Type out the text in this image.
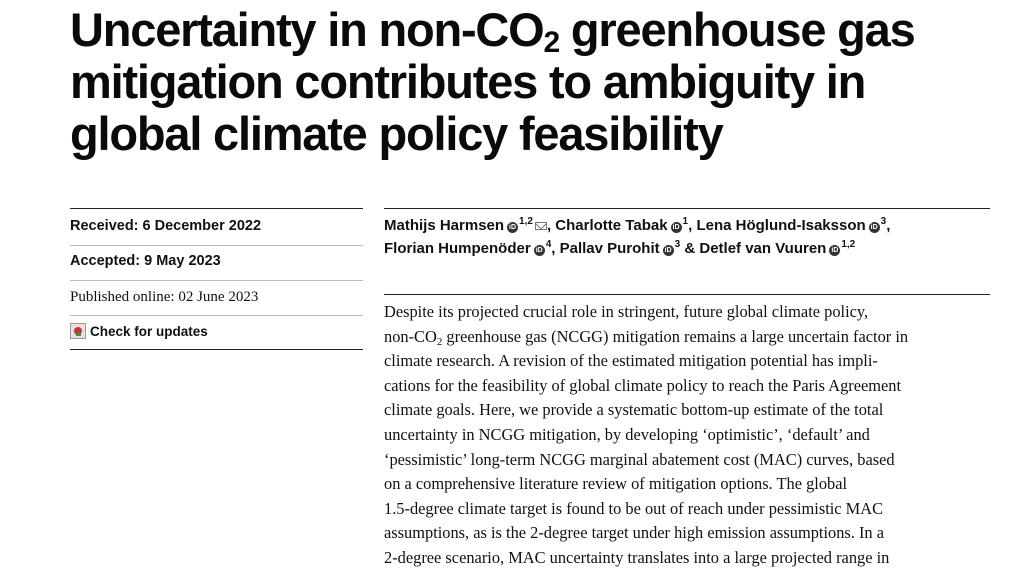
Uncertainty in non-$CO_2$ greenhouse gas
mitigation contributes to ambiguity in
global climate policy feasibility
Received: 6 December 2022
Accepted: 9 May 2023
Published online: 02 June 2023
Check for updates
Mathijs Harmsen iD$^{1,2}$ , Charlotte Tabak iD$^1$, Lena Höglund-Isaksson iD$^3$,
Florian Humpenöder iD$^4$, Pallav Purohit iD$^3$ & Detlef van Vuuren iD$^{1,2}$
Despite its projected crucial role in stringent, future global climate policy,
non-$CO_2$ greenhouse gas (NCGG) mitigation remains a large uncertain factor in
climate research. A revision of the estimated mitigation potential has impli-
cations for the feasibility of global climate policy to reach the Paris Agreement
climate goals. Here, we provide a systematic bottom-up estimate of the total
uncertainty in NCGG mitigation, by developing ‘optimistic’, ‘default’ and
‘pessimistic’ long-term NCGG marginal abatement cost (MAC) curves, based
on a comprehensive literature review of mitigation options. The global
1.5-degree climate target is found to be out of reach under pessimistic MAC
assumptions, as is the 2-degree target under high emission assumptions. In a
2-degree scenario, MAC uncertainty translates into a large projected range in
